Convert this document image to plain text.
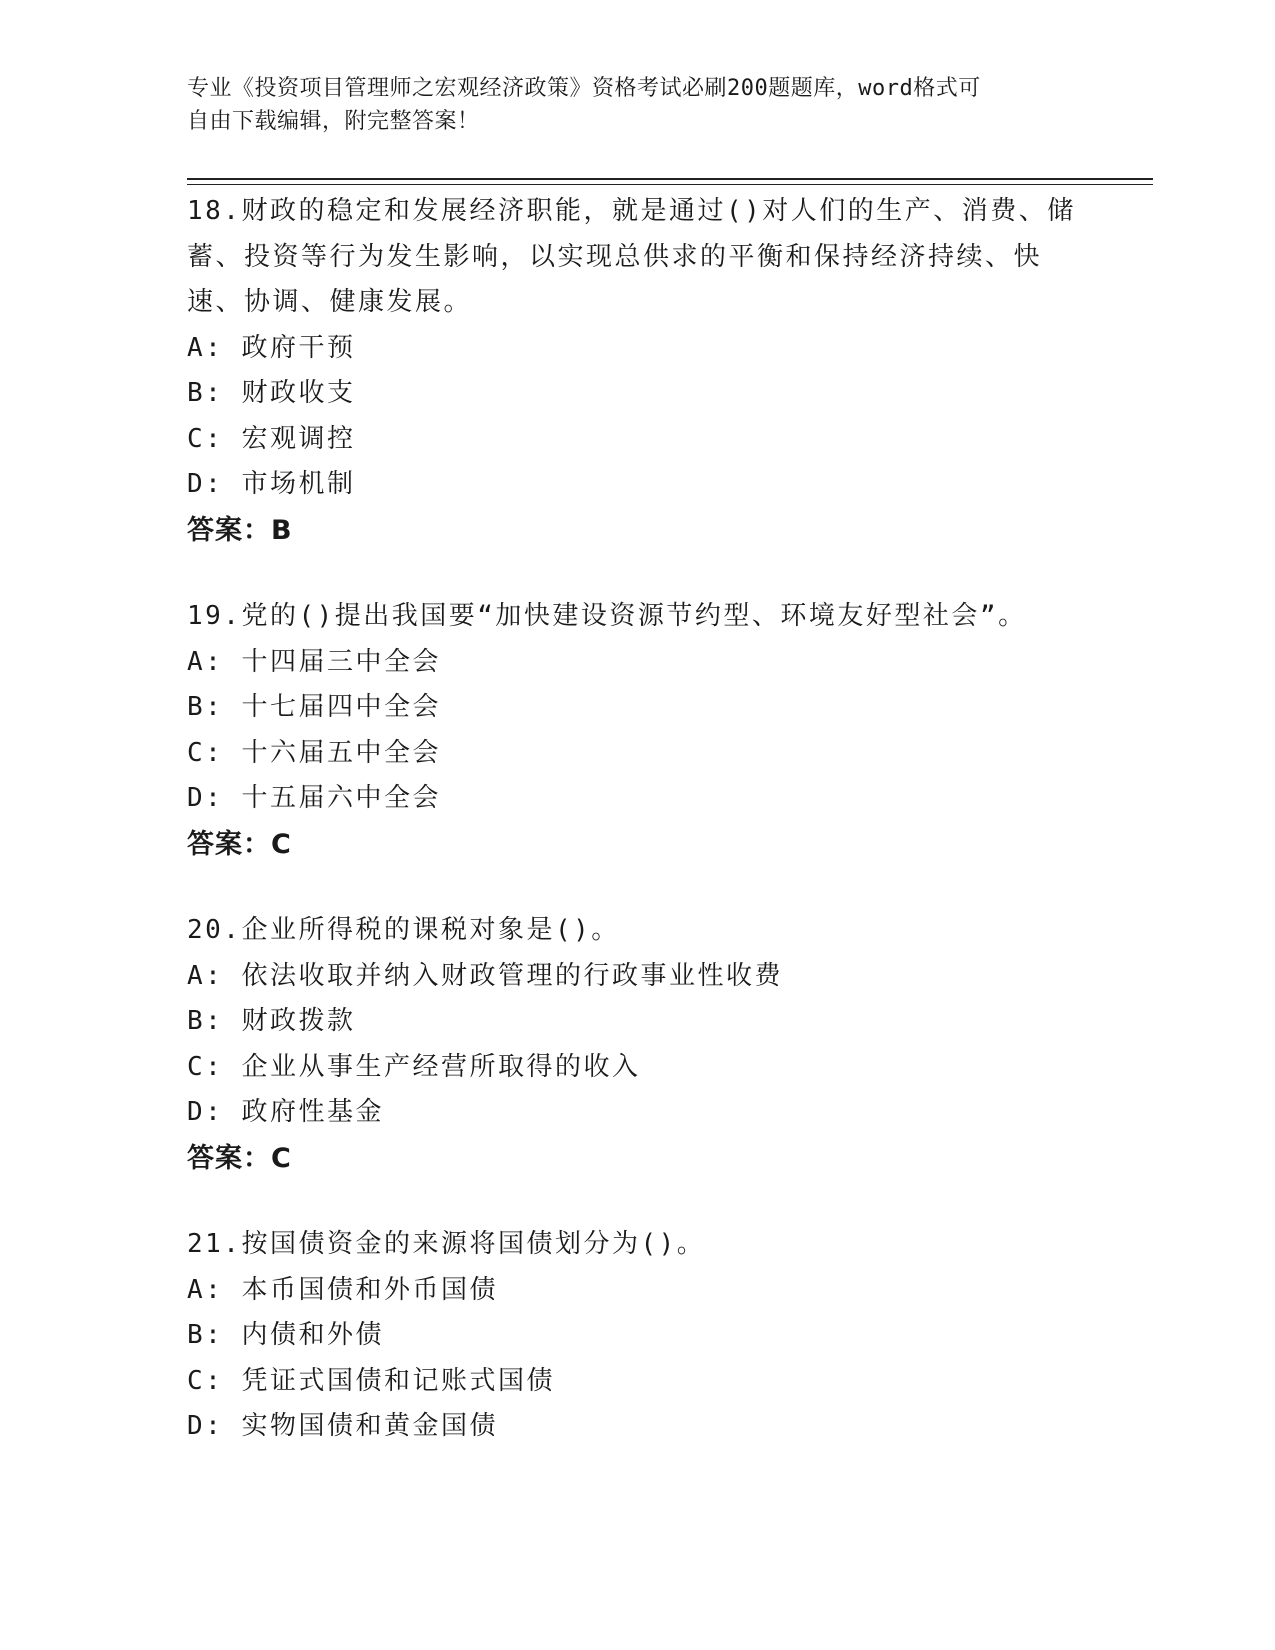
专业《投资项目管理师之宏观经济政策》资格考试必刷200题题库，word格式可
自由下载编辑，附完整答案！
18.财政的稳定和发展经济职能，就是通过()对人们的生产、消费、储
蓄、投资等行为发生影响，以实现总供求的平衡和保持经济持续、快
速、协调、健康发展。
A: 政府干预
B: 财政收支
C: 宏观调控
D: 市场机制
答案：B
19.党的()提出我国要“加快建设资源节约型、环境友好型社会”。
A: 十四届三中全会
B: 十七届四中全会
C: 十六届五中全会
D: 十五届六中全会
答案：C
20.企业所得税的课税对象是()。
A: 依法收取并纳入财政管理的行政事业性收费
B: 财政拨款
C: 企业从事生产经营所取得的收入
D: 政府性基金
答案：C
21.按国债资金的来源将国债划分为()。
A: 本币国债和外币国债
B: 内债和外债
C: 凭证式国债和记账式国债
D: 实物国债和黄金国债
